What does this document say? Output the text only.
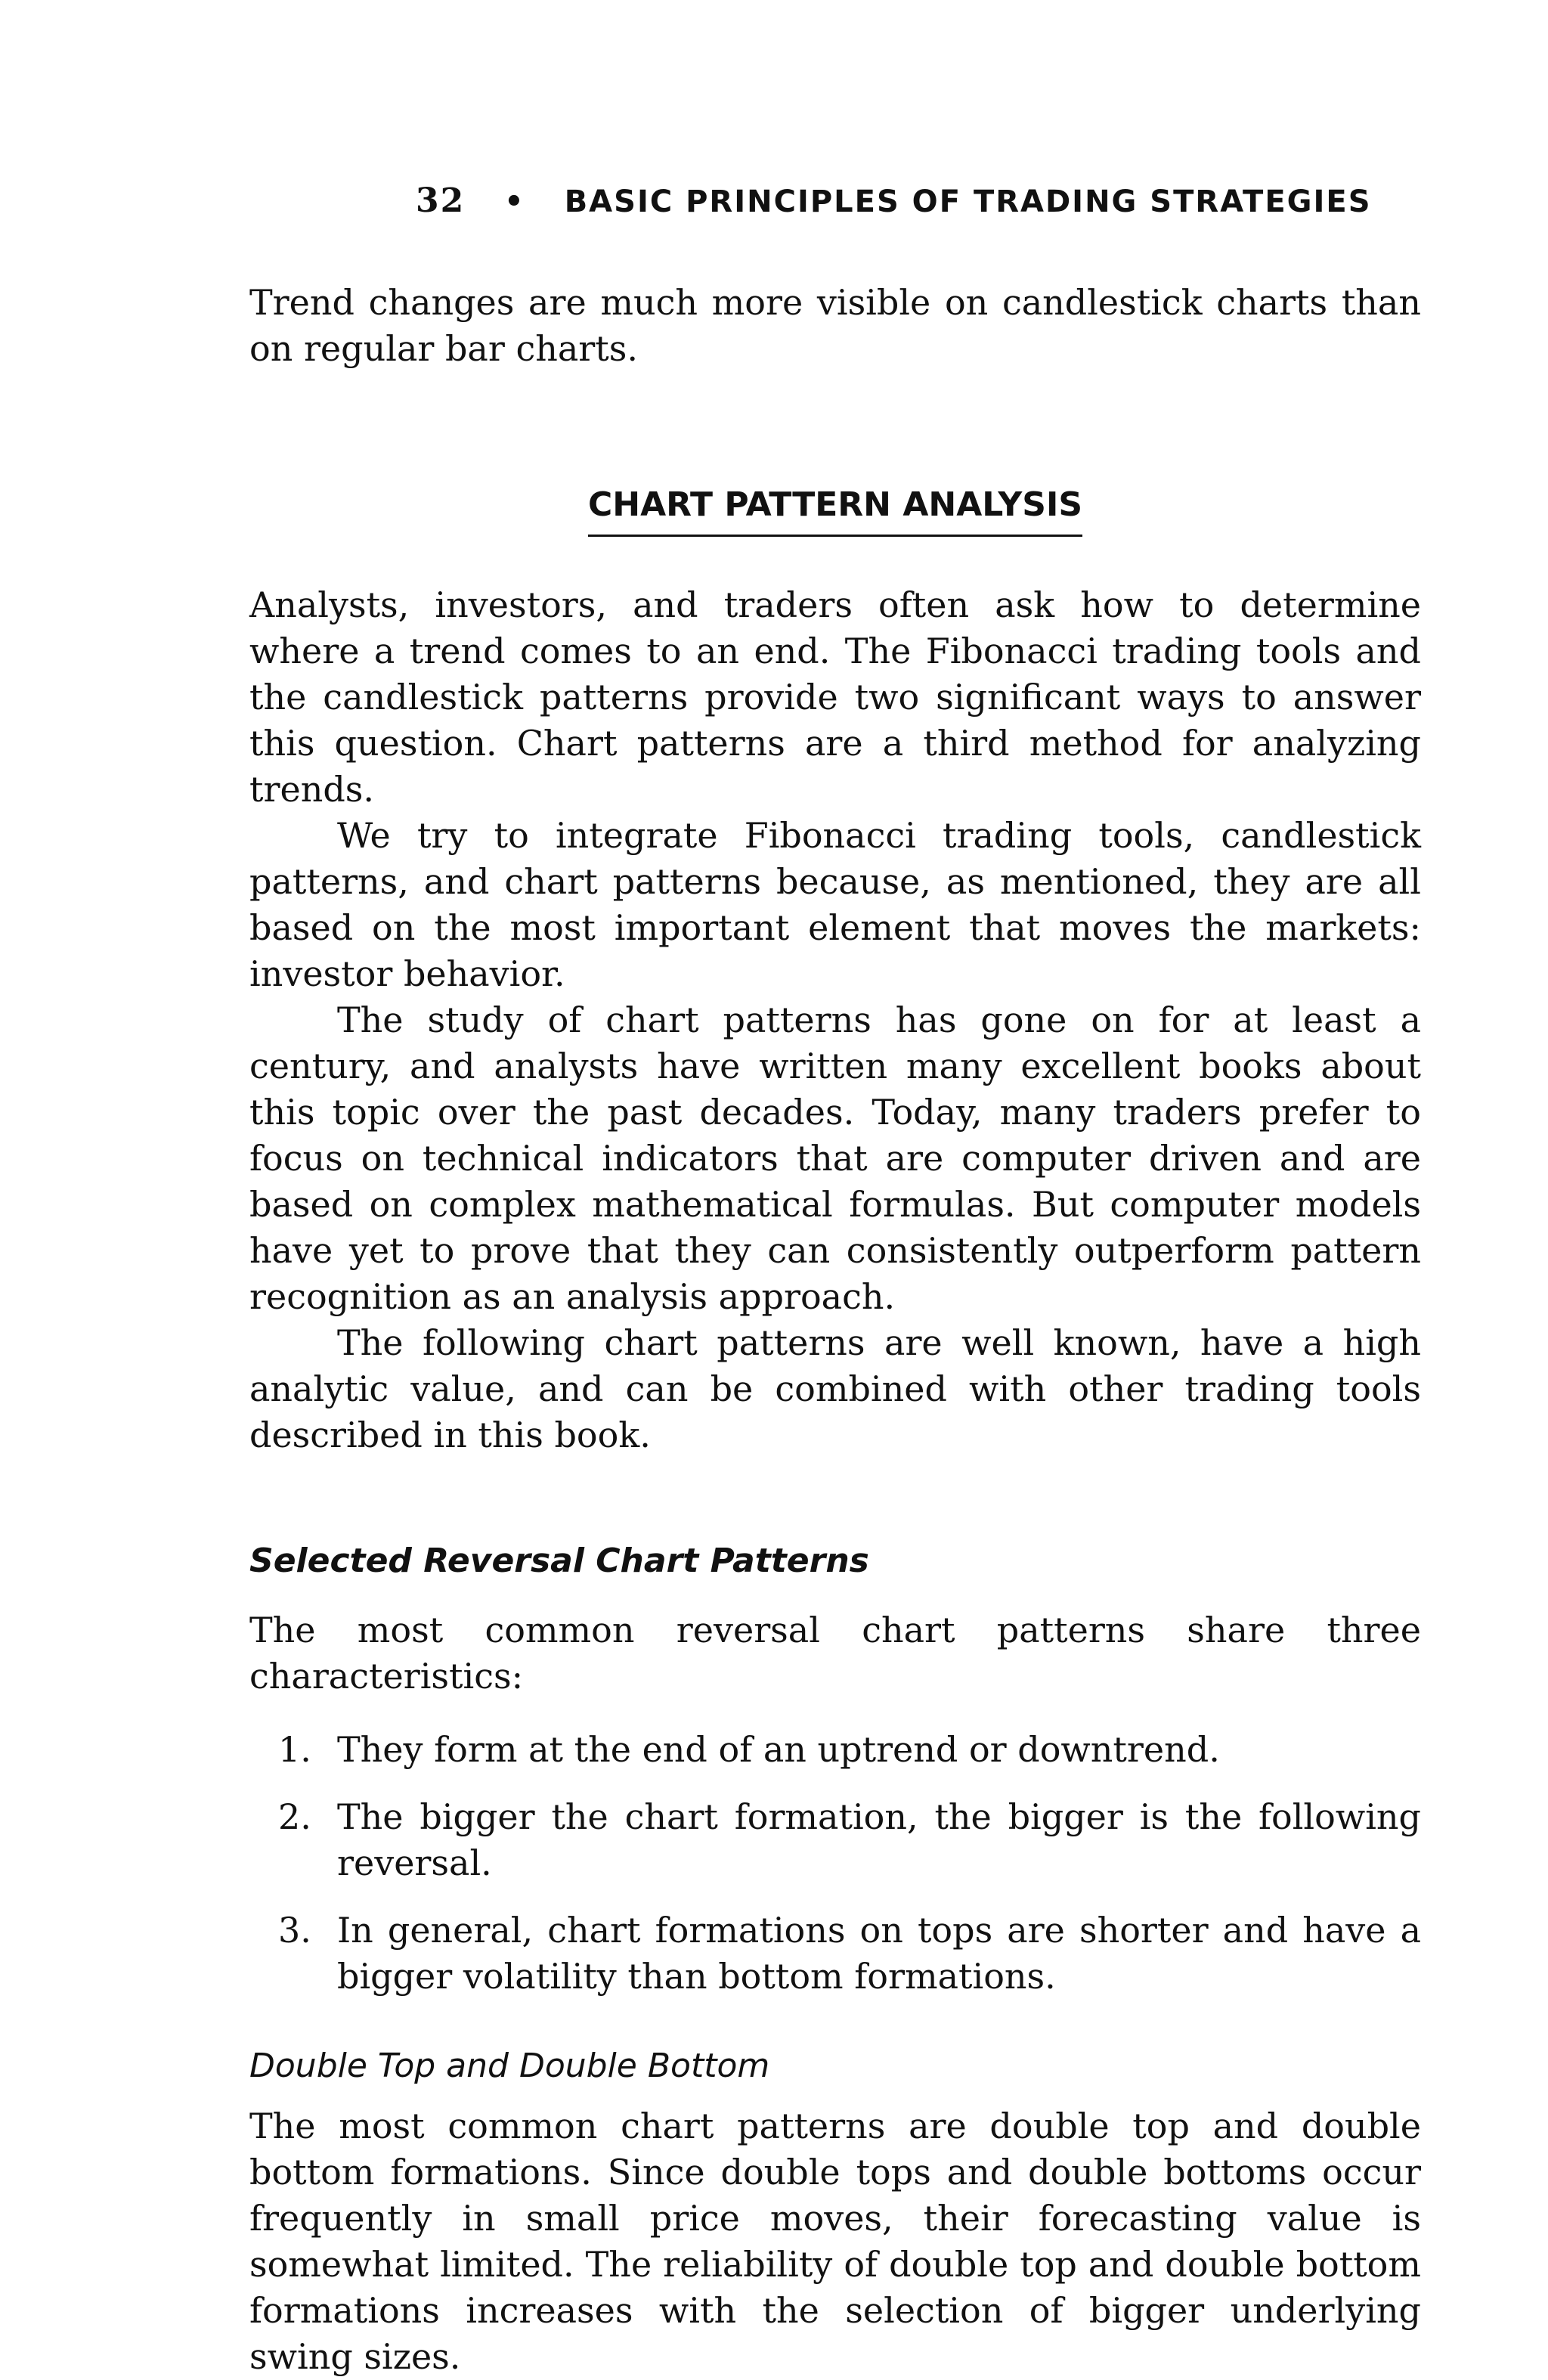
32 • BASIC PRINCIPLES OF TRADING STRATEGIES

Trend changes are much more visible on candlestick charts than on regular bar charts.

CHART PATTERN ANALYSIS

Analysts, investors, and traders often ask how to determine where a trend comes to an end. The Fibonacci trading tools and the candlestick patterns provide two significant ways to answer this question. Chart patterns are a third method for analyzing trends.

We try to integrate Fibonacci trading tools, candlestick patterns, and chart patterns because, as mentioned, they are all based on the most important element that moves the markets: investor behavior.

The study of chart patterns has gone on for at least a century, and analysts have written many excellent books about this topic over the past decades. Today, many traders prefer to focus on technical indicators that are computer driven and are based on complex mathematical formulas. But computer models have yet to prove that they can consistently outperform pattern recognition as an analysis approach.

The following chart patterns are well known, have a high analytic value, and can be combined with other trading tools described in this book.

Selected Reversal Chart Patterns

The most common reversal chart patterns share three characteristics:

1. They form at the end of an uptrend or downtrend.
2. The bigger the chart formation, the bigger is the following reversal.
3. In general, chart formations on tops are shorter and have a bigger volatility than bottom formations.
Double Top and Double Bottom

The most common chart patterns are double top and double bottom formations. Since double tops and double bottoms occur frequently in small price moves, their forecasting value is somewhat limited. The reliability of double top and double bottom formations increases with the selection of bigger underlying swing sizes.
